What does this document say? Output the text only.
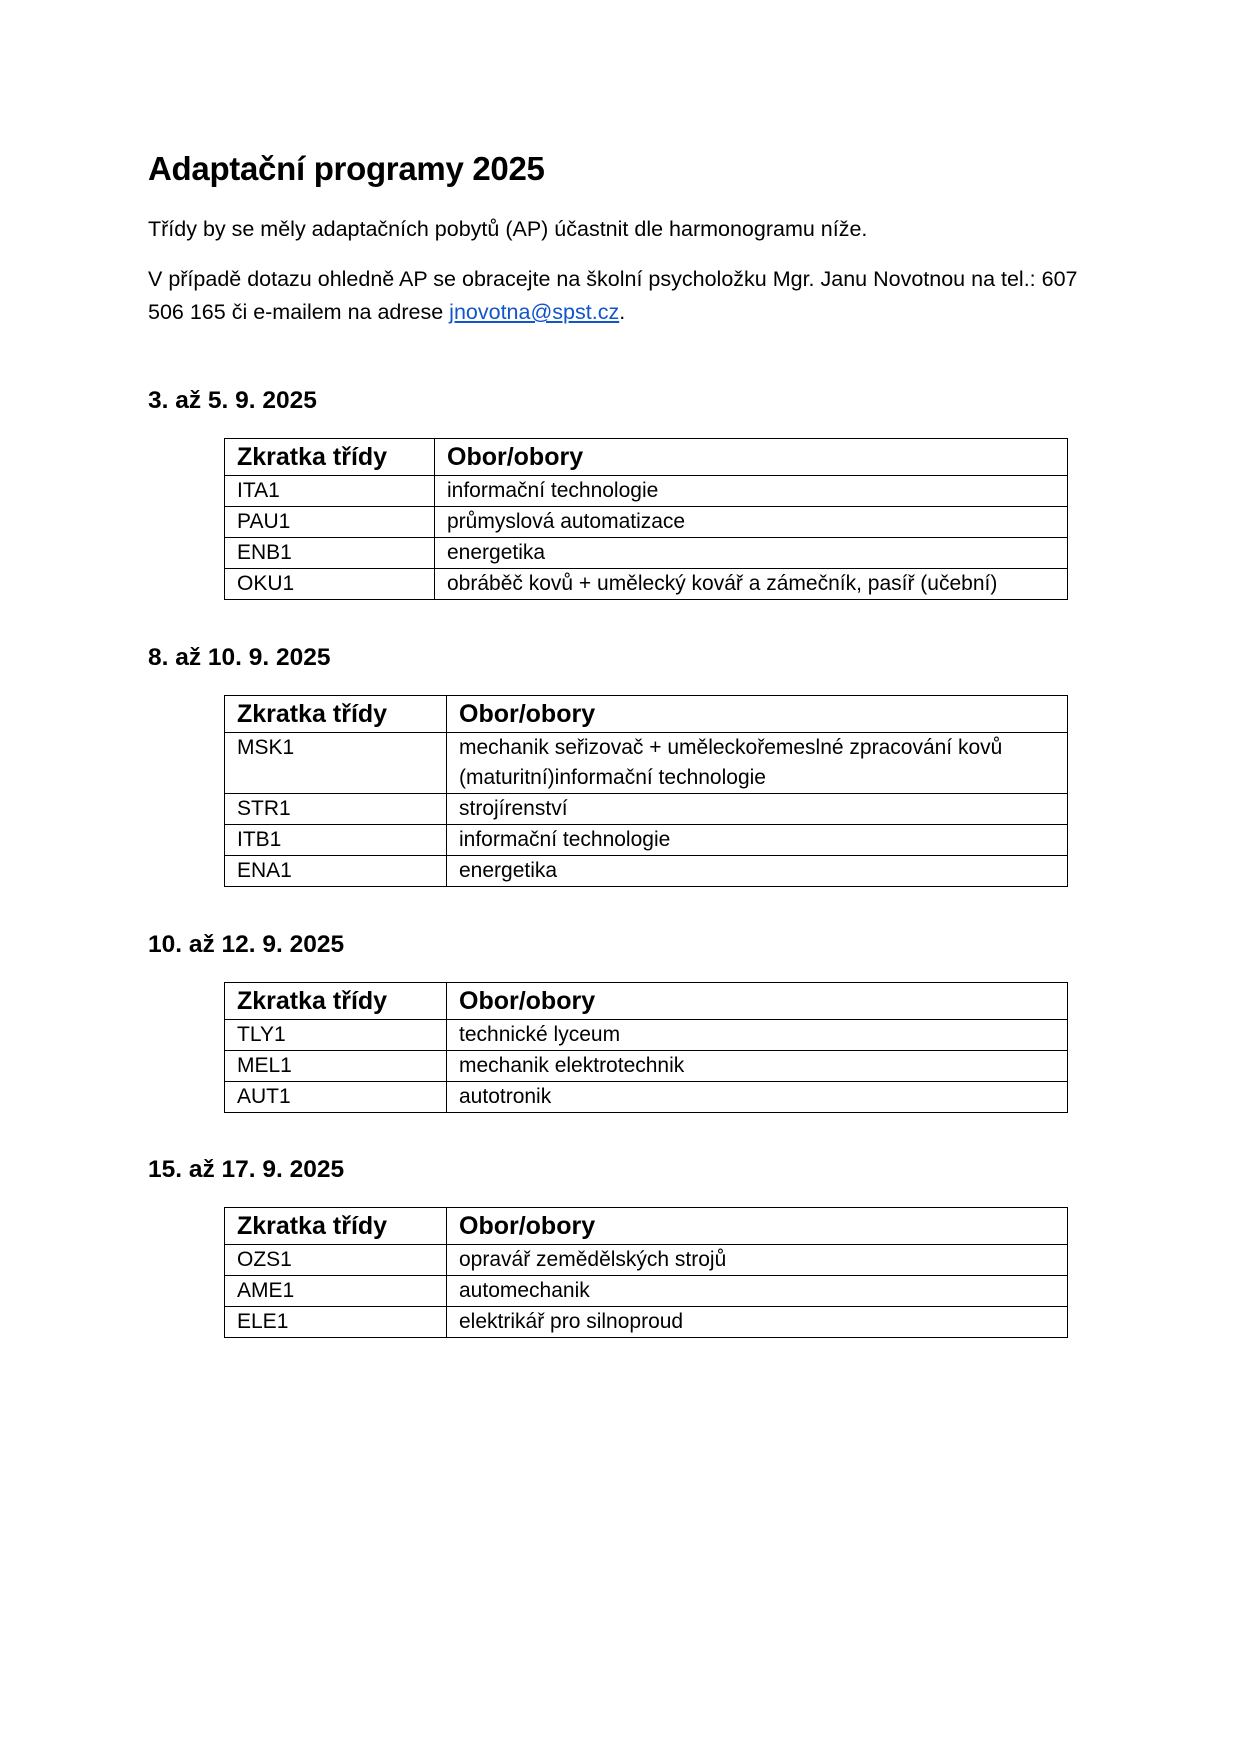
Adaptační programy 2025

Třídy by se měly adaptačních pobytů (AP) účastnit dle harmonogramu níže.

V případě dotazu ohledně AP se obracejte na školní psycholožku Mgr. Janu Novotnou na tel.: 607 506 165 či e-mailem na adrese jnovotna@spst.cz.

3. až 5. 9. 2025
Zkratka třídy	Obor/obory
ITA1	informační technologie
PAU1	průmyslová automatizace
ENB1	energetika
OKU1	obráběč kovů + umělecký kovář a zámečník, pasíř (učební)
8. až 10. 9. 2025
Zkratka třídy	Obor/obory
MSK1	mechanik seřizovač + uměleckořemeslné zpracování kovů (maturitní)informační technologie
STR1	strojírenství
ITB1	informační technologie
ENA1	energetika
10. až 12. 9. 2025
Zkratka třídy	Obor/obory
TLY1	technické lyceum
MEL1	mechanik elektrotechnik
AUT1	autotronik
15. až 17. 9. 2025
Zkratka třídy	Obor/obory
OZS1	opravář zemědělských strojů
AME1	automechanik
ELE1	elektrikář pro silnoproud
